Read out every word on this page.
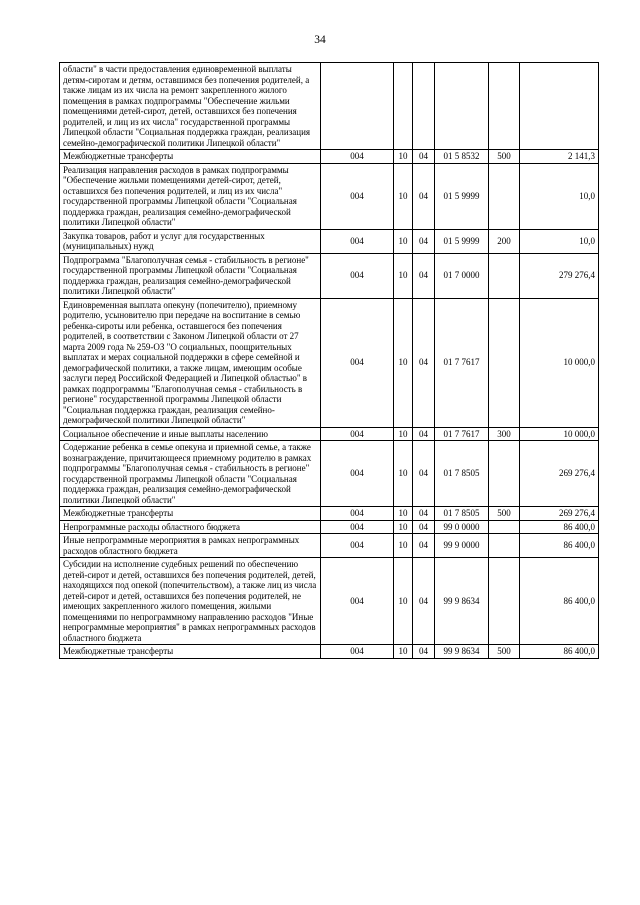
34
области" в части предоставления единовременной выплаты детям-сиротам и детям, оставшимся без попечения родителей, а также лицам из их числа на ремонт закрепленного жилого помещения в рамках подпрограммы "Обеспечение жильми помещениями детей-сирот, детей, оставшихся без попечения родителей, и лиц из их числа" государственной программы Липецкой области "Социальная поддержка граждан, реализация семейно-демографической политики Липецкой области"						
Межбюджетные трансферты	004	10	04	01 5 8532	500	2 141,3
Реализация направления расходов в рамках подпрограммы "Обеспечение жильми помещениями детей-сирот, детей, оставшихся без попечения родителей, и лиц из их числа" государственной программы Липецкой области "Социальная поддержка граждан, реализация семейно-демографической политики Липецкой области"	004	10	04	01 5 9999		10,0
Закупка товаров, работ и услуг для государственных (муниципальных) нужд	004	10	04	01 5 9999	200	10,0
Подпрограмма "Благополучная семья - стабильность в регионе" государственной программы Липецкой области "Социальная поддержка граждан, реализация семейно-демографической политики Липецкой области"	004	10	04	01 7 0000		279 276,4
Единовременная выплата опекуну (попечителю), приемному родителю, усыновителю при передаче на воспитание в семью ребенка-сироты или ребенка, оставшегося без попечения родителей, в соответствии с Законом Липецкой области от 27 марта 2009 года № 259-ОЗ "О социальных, поощрительных выплатах и мерах социальной поддержки в сфере семейной и демографической политики, а также лицам, имеющим особые заслуги перед Российской Федерацией и Липецкой областью" в рамках подпрограммы "Благополучная семья - стабильность в регионе" государственной программы Липецкой области "Социальная поддержка граждан, реализация семейно-демографической политики Липецкой области"	004	10	04	01 7 7617		10 000,0
Социальное обеспечение и иные выплаты населению	004	10	04	01 7 7617	300	10 000,0
Содержание ребенка в семье опекуна и приемной семье, а также вознаграждение, причитающееся приемному родителю в рамках подпрограммы "Благополучная семья - стабильность в регионе" государственной программы Липецкой области "Социальная поддержка граждан, реализация семейно-демографической политики Липецкой области"	004	10	04	01 7 8505		269 276,4
Межбюджетные трансферты	004	10	04	01 7 8505	500	269 276,4
Непрограммные расходы областного бюджета	004	10	04	99 0 0000		86 400,0
Иные непрограммные мероприятия в рамках непрограммных расходов областного бюджета	004	10	04	99 9 0000		86 400,0
Субсидии на исполнение судебных решений по обеспечению детей-сирот и детей, оставшихся без попечения родителей, детей, находящихся под опекой (попечительством), а также лиц из числа детей-сирот и детей, оставшихся без попечения родителей, не имеющих закрепленного жилого помещения, жилыми помещениями по непрограммному направлению расходов "Иные непрограммные мероприятия" в рамках непрограммных расходов областного бюджета	004	10	04	99 9 8634		86 400,0
Межбюджетные трансферты	004	10	04	99 9 8634	500	86 400,0
